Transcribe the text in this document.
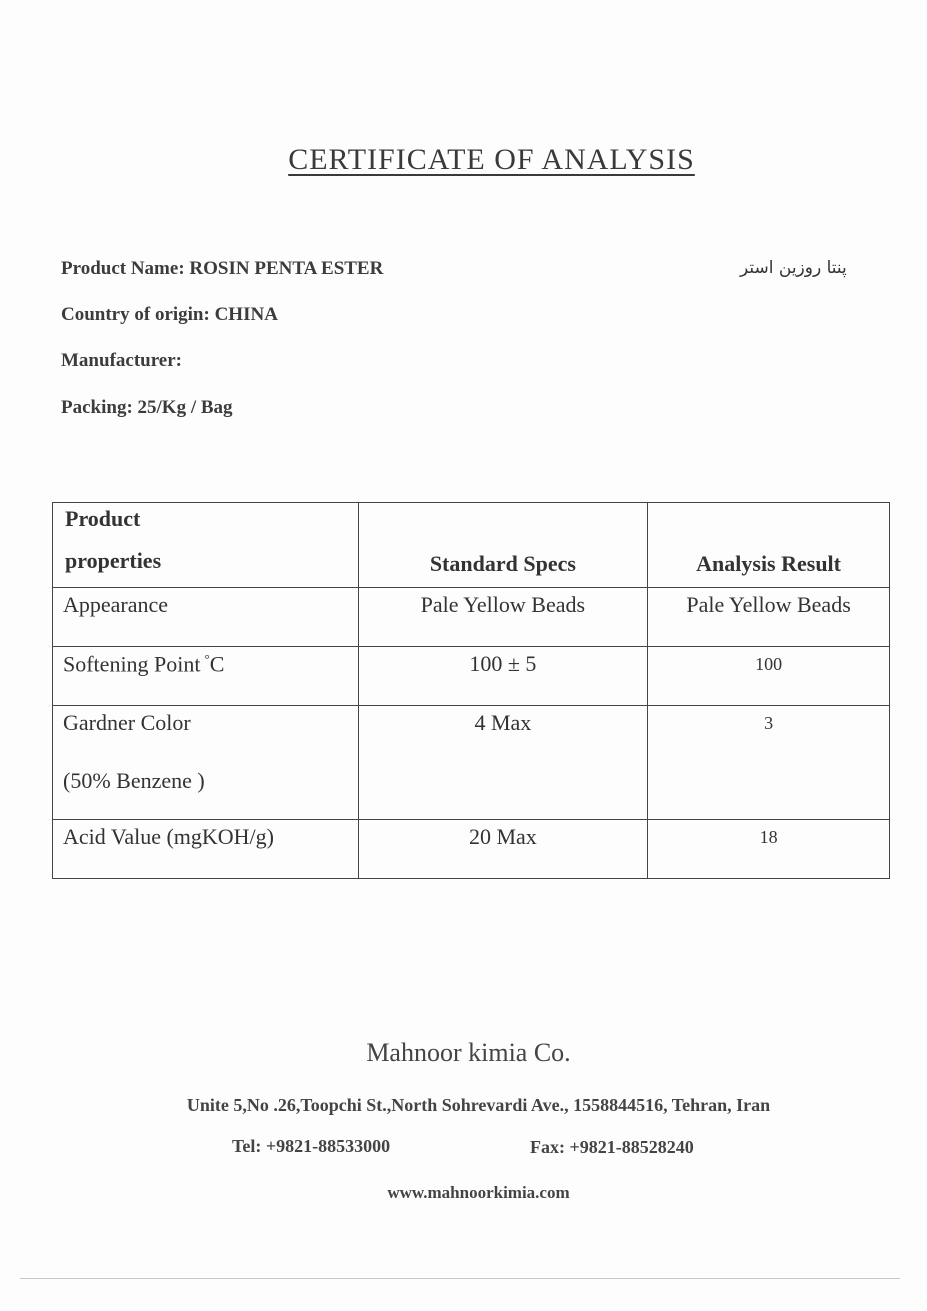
CERTIFICATE OF ANALYSIS
Product Name: ROSIN PENTA ESTER	پنتا روزین استر
Country of origin: CHINA
Manufacturer:
Packing: 25/Kg / Bag
Product
properties	Standard Specs	Analysis Result

Appearance	Pale Yellow Beads	Pale Yellow Beads

Softening Point °C	100 ± 5	100

Gardner Color
(50% Benzene )	4 Max	3

Acid Value (mgKOH/g)	20 Max	18
Mahnoor kimia Co.
Unite 5,No .26,Toopchi St.,North Sohrevardi Ave., 1558844516, Tehran, Iran
Tel: +9821-88533000	Fax: +9821-88528240
www.mahnoorkimia.com
